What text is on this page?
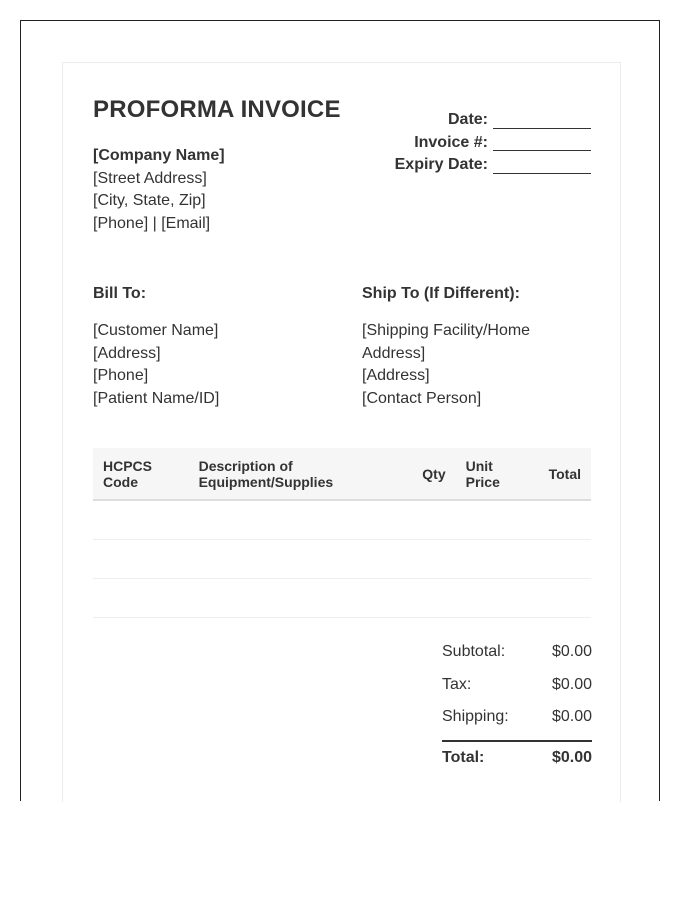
PROFORMA INVOICE
[Company Name]
[Street Address]
[City, State, Zip]
[Phone] | [Email]
Date:
Invoice #:
Expiry Date:
Bill To:
[Customer Name]
[Address]
[Phone]
[Patient Name/ID]
Ship To (If Different):
[Shipping Facility/Home Address]
[Address]
[Contact Person]
HCPCS Code	Description of Equipment/Supplies	Qty	Unit Price	Total

Subtotal:	$0.00
Tax:	$0.00
Shipping:	$0.00
Total:	$0.00
